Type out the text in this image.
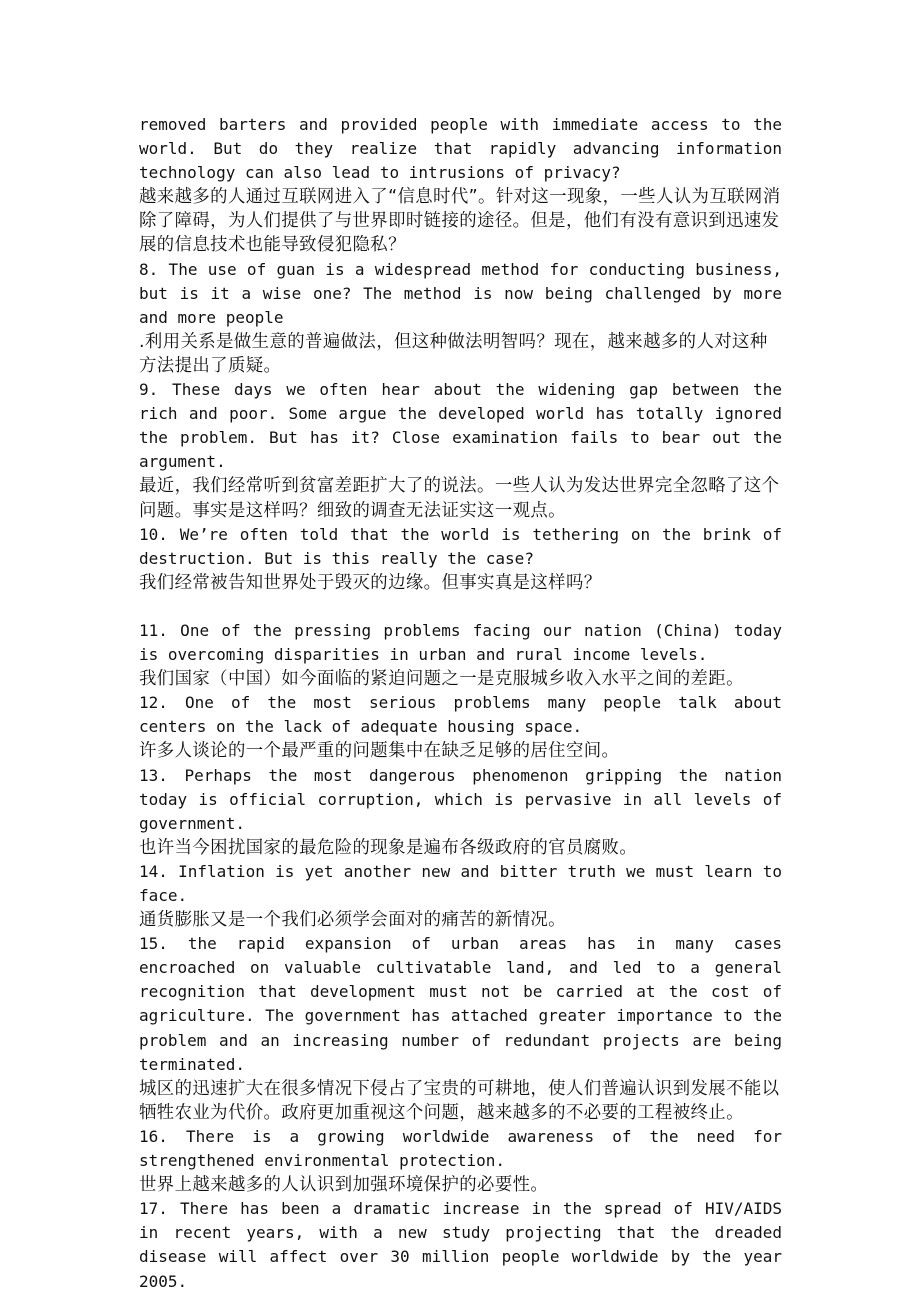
removed barters and provided people with immediate access to the world. But do they realize that rapidly advancing information technology can also lead to intrusions of privacy?

越来越多的人通过互联网进入了“信息时代”。针对这一现象，一些人认为互联网消除了障碍，为人们提供了与世界即时链接的途径。但是，他们有没有意识到迅速发展的信息技术也能导致侵犯隐私？

8. The use of guan is a widespread method for conducting business, but is it a wise one? The method is now being challenged by more and more people

.利用关系是做生意的普遍做法，但这种做法明智吗？现在，越来越多的人对这种方法提出了质疑。

9. These days we often hear about the widening gap between the rich and poor. Some argue the developed world has totally ignored the problem. But has it? Close examination fails to bear out the argument.

最近，我们经常听到贫富差距扩大了的说法。一些人认为发达世界完全忽略了这个问题。事实是这样吗？细致的调查无法证实这一观点。

10. We’re often told that the world is tethering on the brink of destruction. But is this really the case?

我们经常被告知世界处于毁灭的边缘。但事实真是这样吗？

11. One of the pressing problems facing our nation (China) today is overcoming disparities in urban and rural income levels.

我们国家（中国）如今面临的紧迫问题之一是克服城乡收入水平之间的差距。

12. One of the most serious problems many people talk about centers on the lack of adequate housing space.

许多人谈论的一个最严重的问题集中在缺乏足够的居住空间。

13. Perhaps the most dangerous phenomenon gripping the nation today is official corruption, which is pervasive in all levels of government.

也许当今困扰国家的最危险的现象是遍布各级政府的官员腐败。

14. Inflation is yet another new and bitter truth we must learn to face.

通货膨胀又是一个我们必须学会面对的痛苦的新情况。

15. the rapid expansion of urban areas has in many cases encroached on valuable cultivatable land, and led to a general recognition that development must not be carried at the cost of agriculture. The government has attached greater importance to the problem and an increasing number of redundant projects are being terminated.

城区的迅速扩大在很多情况下侵占了宝贵的可耕地，使人们普遍认识到发展不能以牺牲农业为代价。政府更加重视这个问题，越来越多的不必要的工程被终止。

16. There is a growing worldwide awareness of the need for strengthened environmental protection.

世界上越来越多的人认识到加强环境保护的必要性。

17. There has been a dramatic increase in the spread of HIV/AIDS in recent years, with a new study projecting that the dreaded disease will affect over 30 million people worldwide by the year 2005.
